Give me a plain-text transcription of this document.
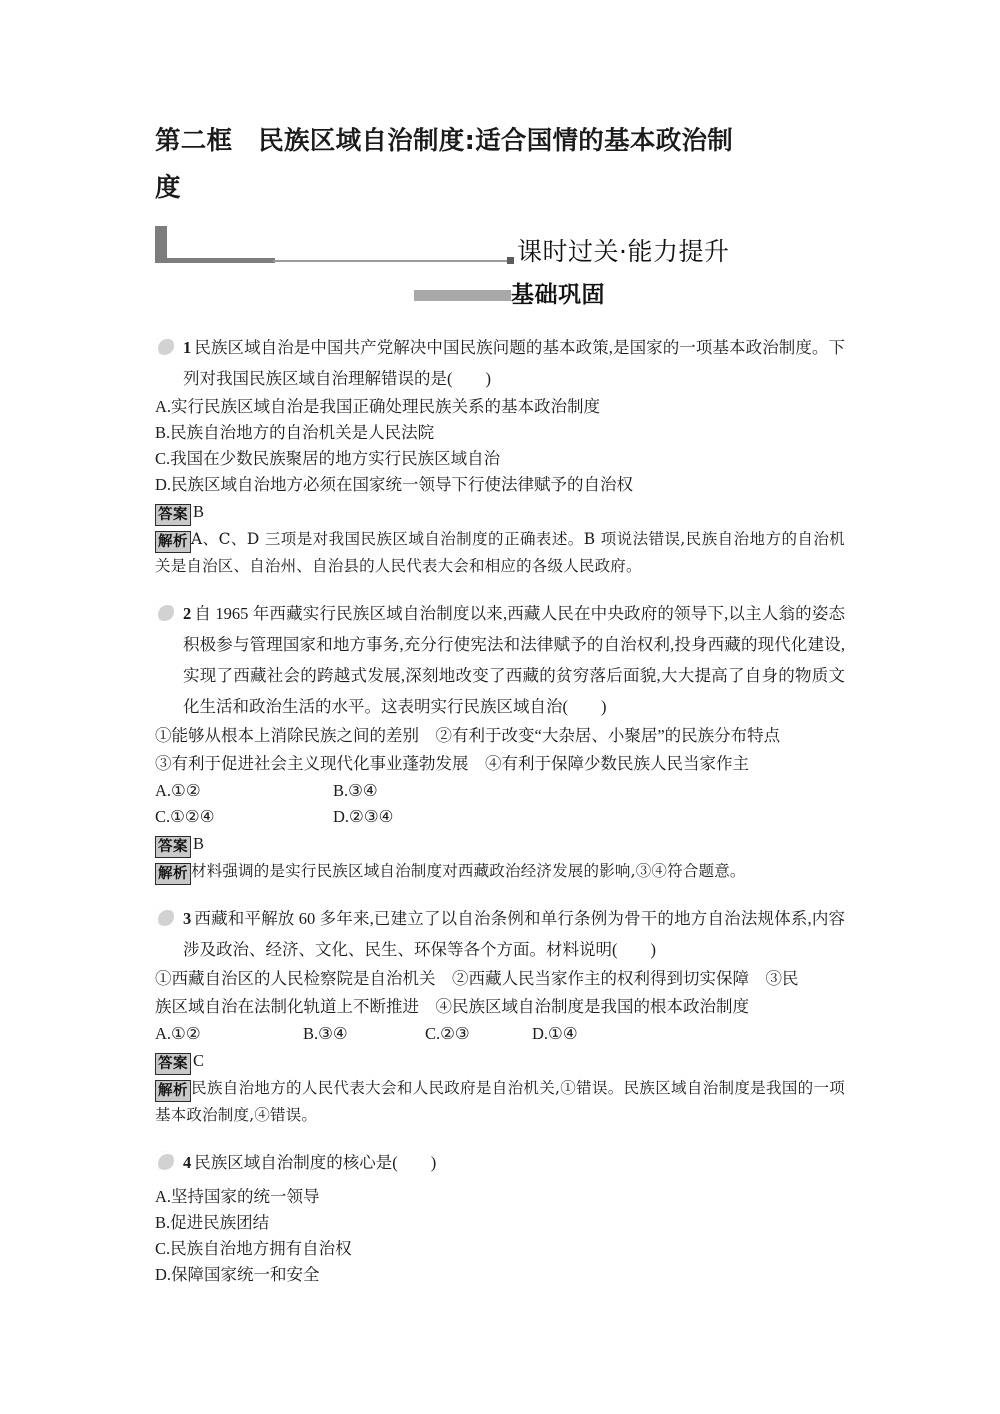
第二框　民族区域自治制度:适合国情的基本政治制
度
课时过关·能力提升
基础巩固
1 民族区域自治是中国共产党解决中国民族问题的基本政策,是国家的一项基本政治制度。下列对我国民族区域自治理解错误的是(　　)
A.实行民族区域自治是我国正确处理民族关系的基本政治制度
B.民族自治地方的自治机关是人民法院
C.我国在少数民族聚居的地方实行民族区域自治
D.民族区域自治地方必须在国家统一领导下行使法律赋予的自治权
答案 B
解析 A、C、D 三项是对我国民族区域自治制度的正确表述。B 项说法错误,民族自治地方的自治机关是自治区、自治州、自治县的人民代表大会和相应的各级人民政府。
2 自 1965 年西藏实行民族区域自治制度以来,西藏人民在中央政府的领导下,以主人翁的姿态积极参与管理国家和地方事务,充分行使宪法和法律赋予的自治权利,投身西藏的现代化建设,实现了西藏社会的跨越式发展,深刻地改变了西藏的贫穷落后面貌,大大提高了自身的物质文化生活和政治生活的水平。这表明实行民族区域自治(　　)
①能够从根本上消除民族之间的差别　②有利于改变“大杂居、小聚居”的民族分布特点
③有利于促进社会主义现代化事业蓬勃发展　④有利于保障少数民族人民当家作主
A.①②	B.③④
C.①②④	D.②③④
答案 B
解析 材料强调的是实行民族区域自治制度对西藏政治经济发展的影响,③④符合题意。
3 西藏和平解放 60 多年来,已建立了以自治条例和单行条例为骨干的地方自治法规体系,内容涉及政治、经济、文化、民生、环保等各个方面。材料说明(　　)
①西藏自治区的人民检察院是自治机关　②西藏人民当家作主的权利得到切实保障　③民
族区域自治在法制化轨道上不断推进　④民族区域自治制度是我国的根本政治制度
A.①②	B.③④	C.②③	D.①④
答案 C
解析 民族自治地方的人民代表大会和人民政府是自治机关,①错误。民族区域自治制度是我国的一项基本政治制度,④错误。
4 民族区域自治制度的核心是(　　)
A.坚持国家的统一领导
B.促进民族团结
C.民族自治地方拥有自治权
D.保障国家统一和安全
